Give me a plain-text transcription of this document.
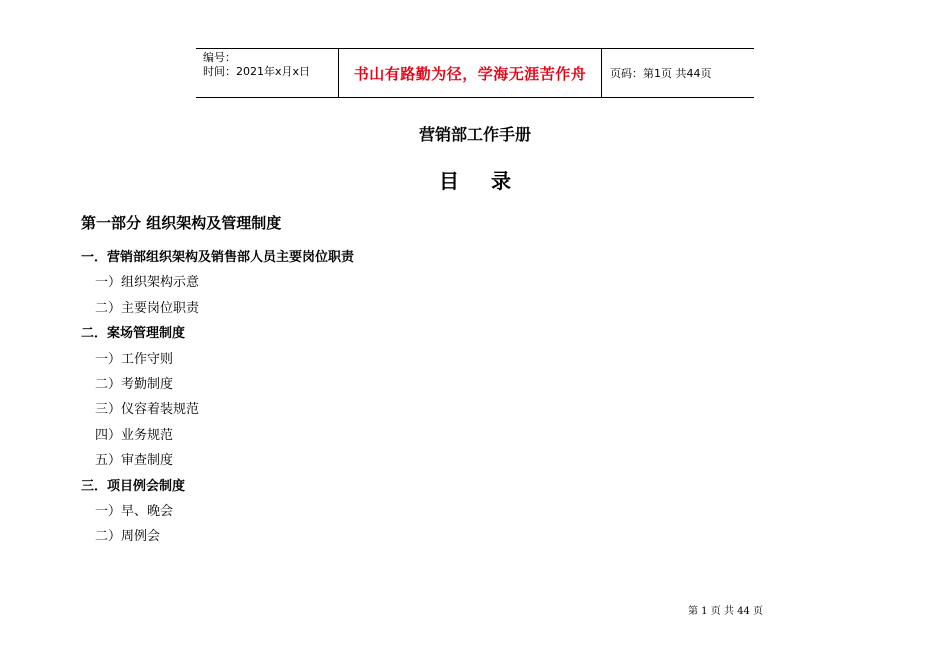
编号：
时间：2021年x月x日	书山有路勤为径，学海无涯苦作舟	页码：第1页 共44页
营销部工作手册
目 录
第一部分 组织架构及管理制度
一．营销部组织架构及销售部人员主要岗位职责
一）组织架构示意
二）主要岗位职责
二．案场管理制度
一）工作守则
二）考勤制度
三）仪容着装规范
四）业务规范
五）审查制度
三．项目例会制度
一）早、晚会
二）周例会
第 1 页 共 44 页
